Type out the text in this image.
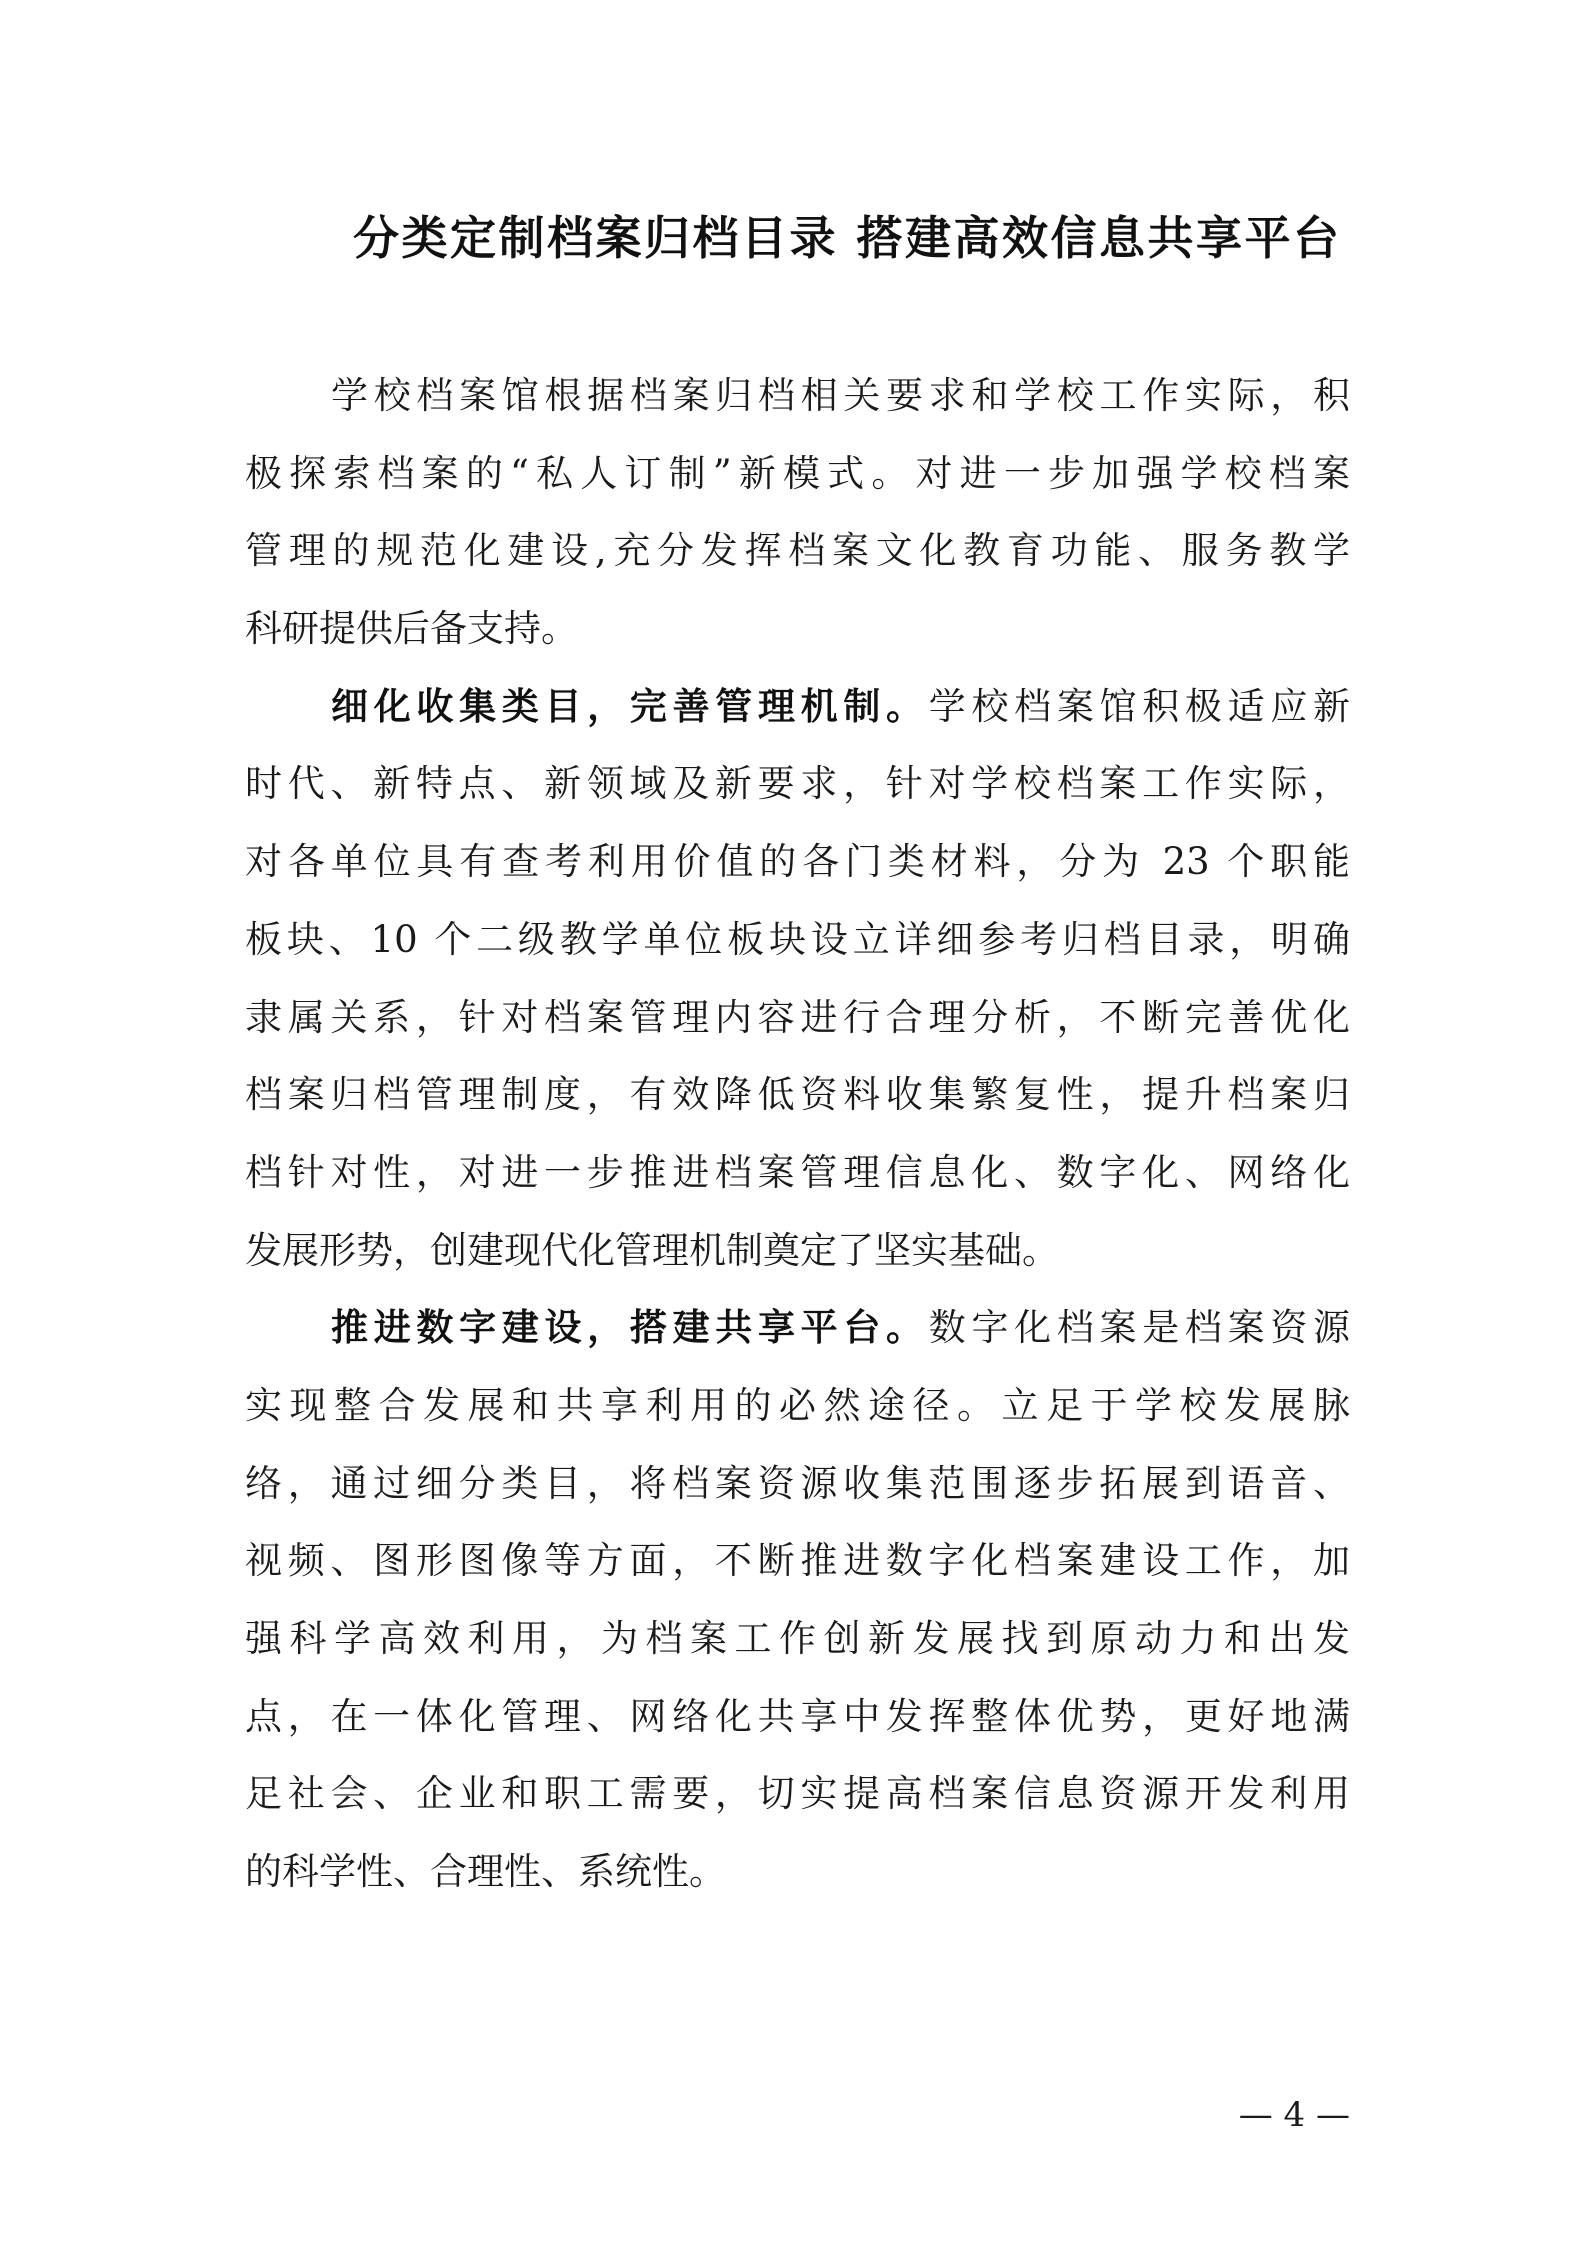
分类定制档案归档目录 搭建高效信息共享平台
学校档案馆根据档案归档相关要求和学校工作实际，积
极探索档案的“私人订制”新模式。对进一步加强学校档案
管理的规范化建设,充分发挥档案文化教育功能、服务教学
科研提供后备支持。
细化收集类目，完善管理机制。学校档案馆积极适应新
时代、新特点、新领域及新要求，针对学校档案工作实际，
对各单位具有查考利用价值的各门类材料，分为 23 个职能
板块、10 个二级教学单位板块设立详细参考归档目录，明确
隶属关系，针对档案管理内容进行合理分析，不断完善优化
档案归档管理制度，有效降低资料收集繁复性，提升档案归
档针对性，对进一步推进档案管理信息化、数字化、网络化
发展形势，创建现代化管理机制奠定了坚实基础。
推进数字建设，搭建共享平台。数字化档案是档案资源
实现整合发展和共享利用的必然途径。立足于学校发展脉
络，通过细分类目，将档案资源收集范围逐步拓展到语音、
视频、图形图像等方面，不断推进数字化档案建设工作，加
强科学高效利用，为档案工作创新发展找到原动力和出发
点，在一体化管理、网络化共享中发挥整体优势，更好地满
足社会、企业和职工需要，切实提高档案信息资源开发利用
的科学性、合理性、系统性。
— 4 —
